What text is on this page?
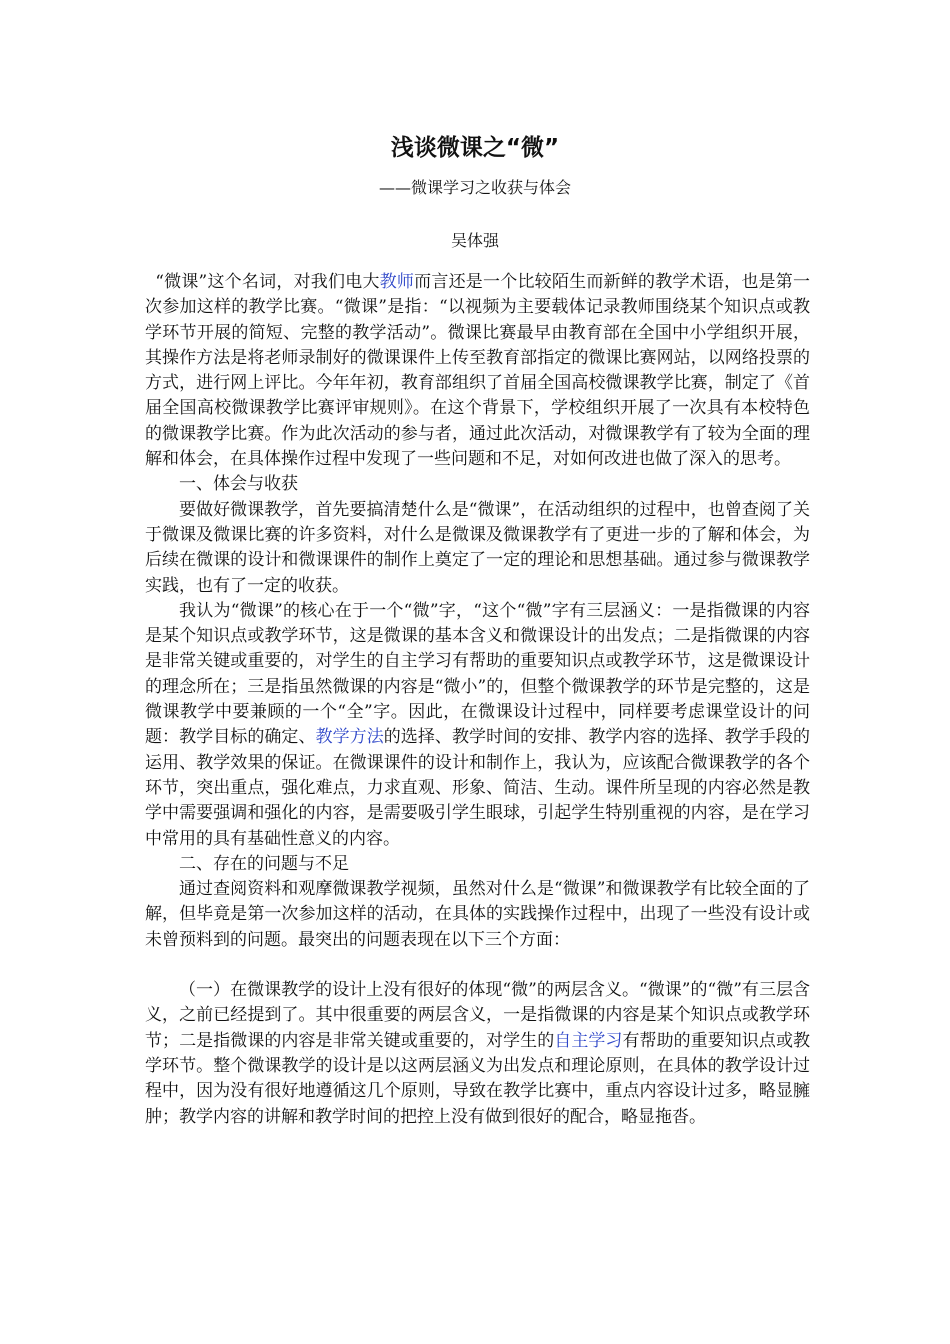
浅谈微课之“微”
——微课学习之收获与体会
吴体强

“微课”这个名词，对我们电大教师而言还是一个比较陌生而新鲜的教学术语，也是第一次参加这样的教学比赛。“微课”是指：“以视频为主要载体记录教师围绕某个知识点或教学环节开展的简短、完整的教学活动”。微课比赛最早由教育部在全国中小学组织开展，其操作方法是将老师录制好的微课课件上传至教育部指定的微课比赛网站，以网络投票的方式，进行网上评比。今年年初，教育部组织了首届全国高校微课教学比赛，制定了《首届全国高校微课教学比赛评审规则》。在这个背景下，学校组织开展了一次具有本校特色的微课教学比赛。作为此次活动的参与者，通过此次活动，对微课教学有了较为全面的理解和体会，在具体操作过程中发现了一些问题和不足，对如何改进也做了深入的思考。

一、体会与收获

要做好微课教学，首先要搞清楚什么是“微课”，在活动组织的过程中，也曾查阅了关于微课及微课比赛的许多资料，对什么是微课及微课教学有了更进一步的了解和体会，为后续在微课的设计和微课课件的制作上奠定了一定的理论和思想基础。通过参与微课教学实践，也有了一定的收获。

我认为“微课”的核心在于一个“微”字，“这个“微”字有三层涵义：一是指微课的内容是某个知识点或教学环节，这是微课的基本含义和微课设计的出发点；二是指微课的内容是非常关键或重要的，对学生的自主学习有帮助的重要知识点或教学环节，这是微课设计的理念所在；三是指虽然微课的内容是“微小”的，但整个微课教学的环节是完整的，这是微课教学中要兼顾的一个“全”字。因此，在微课设计过程中，同样要考虑课堂设计的问题：教学目标的确定、教学方法的选择、教学时间的安排、教学内容的选择、教学手段的运用、教学效果的保证。在微课课件的设计和制作上，我认为，应该配合微课教学的各个环节，突出重点，强化难点，力求直观、形象、简洁、生动。课件所呈现的内容必然是教学中需要强调和强化的内容，是需要吸引学生眼球，引起学生特别重视的内容，是在学习中常用的具有基础性意义的内容。

二、存在的问题与不足

通过查阅资料和观摩微课教学视频，虽然对什么是“微课”和微课教学有比较全面的了解，但毕竟是第一次参加这样的活动，在具体的实践操作过程中，出现了一些没有设计或未曾预料到的问题。最突出的问题表现在以下三个方面：

（一）在微课教学的设计上没有很好的体现“微”的两层含义。“微课”的“微”有三层含义，之前已经提到了。其中很重要的两层含义，一是指微课的内容是某个知识点或教学环节；二是指微课的内容是非常关键或重要的，对学生的自主学习有帮助的重要知识点或教学环节。整个微课教学的设计是以这两层涵义为出发点和理论原则，在具体的教学设计过程中，因为没有很好地遵循这几个原则，导致在教学比赛中，重点内容设计过多，略显臃肿；教学内容的讲解和教学时间的把控上没有做到很好的配合，略显拖沓。
